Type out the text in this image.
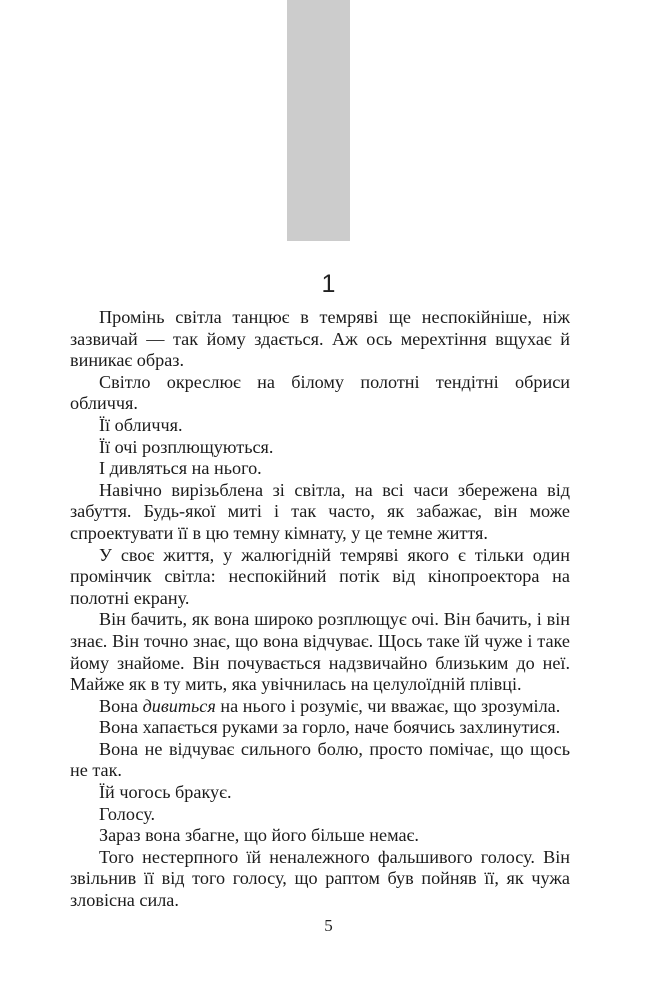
1

Промінь світла танцює в темряві ще неспокійніше, ніж зазвичай — так йому здається. Аж ось мерехтіння вщухає й виникає образ.

Світло окреслює на білому полотні тендітні обриси обличчя.

Її обличчя.

Її очі розплющуються.

І дивляться на нього.

Навічно вирізьблена зі світла, на всі часи збережена від забуття. Будь-якої миті і так часто, як забажає, він може спроектувати її в цю темну кімнату, у це темне життя.

У своє життя, у жалюгідній темряві якого є тільки один промінчик світла: неспокійний потік від кінопроектора на полотні екрану.

Він бачить, як вона широко розплющує очі. Він бачить, і він знає. Він точно знає, що вона відчуває. Щось таке їй чуже і таке йому знайоме. Він почувається надзвичайно близьким до неї. Майже як в ту мить, яка увічнилась на целулоїдній плівці.

Вона дивиться на нього і розуміє, чи вважає, що зрозуміла.

Вона хапається руками за горло, наче боячись захлинутися.

Вона не відчуває сильного болю, просто помічає, що щось не так.

Їй чогось бракує.

Голосу.

Зараз вона збагне, що його більше немає.

Того нестерпного їй неналежного фальшивого голосу. Він звільнив її від того голосу, що раптом був пойняв її, як чужа зловісна сила.

5
